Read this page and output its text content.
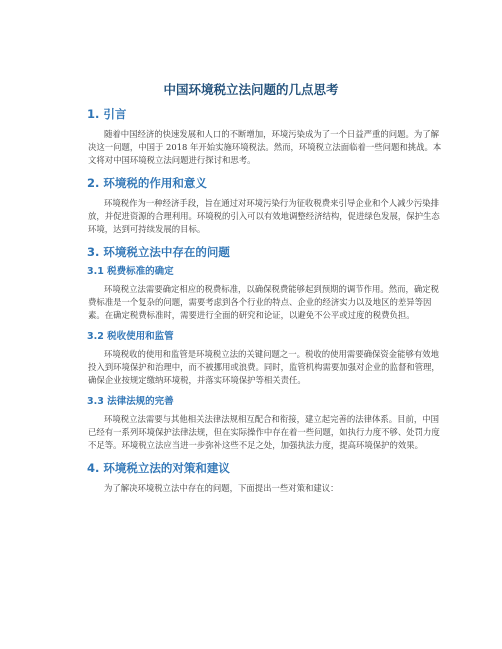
中国环境税立法问题的几点思考
1. 引言

随着中国经济的快速发展和人口的不断增加，环境污染成为了一个日益严重的问题。为了解决这一问题，中国于 2018 年开始实施环境税法。然而，环境税立法面临着一些问题和挑战。本文将对中国环境税立法问题进行探讨和思考。

2. 环境税的作用和意义

环境税作为一种经济手段，旨在通过对环境污染行为征收税费来引导企业和个人减少污染排放，并促进资源的合理利用。环境税的引入可以有效地调整经济结构，促进绿色发展，保护生态环境，达到可持续发展的目标。

3. 环境税立法中存在的问题
3.1 税费标准的确定

环境税立法需要确定相应的税费标准，以确保税费能够起到预期的调节作用。然而，确定税费标准是一个复杂的问题，需要考虑到各个行业的特点、企业的经济实力以及地区的差异等因素。在确定税费标准时，需要进行全面的研究和论证，以避免不公平或过度的税费负担。

3.2 税收使用和监管

环境税收的使用和监管是环境税立法的关键问题之一。税收的使用需要确保资金能够有效地投入到环境保护和治理中，而不被挪用或浪费。同时，监管机构需要加强对企业的监督和管理，确保企业按规定缴纳环境税，并落实环境保护等相关责任。

3.3 法律法规的完善

环境税立法需要与其他相关法律法规相互配合和衔接，建立起完善的法律体系。目前，中国已经有一系列环境保护法律法规，但在实际操作中存在着一些问题，如执行力度不够、处罚力度不足等。环境税立法应当进一步弥补这些不足之处，加强执法力度，提高环境保护的效果。

4. 环境税立法的对策和建议

为了解决环境税立法中存在的问题，下面提出一些对策和建议：
